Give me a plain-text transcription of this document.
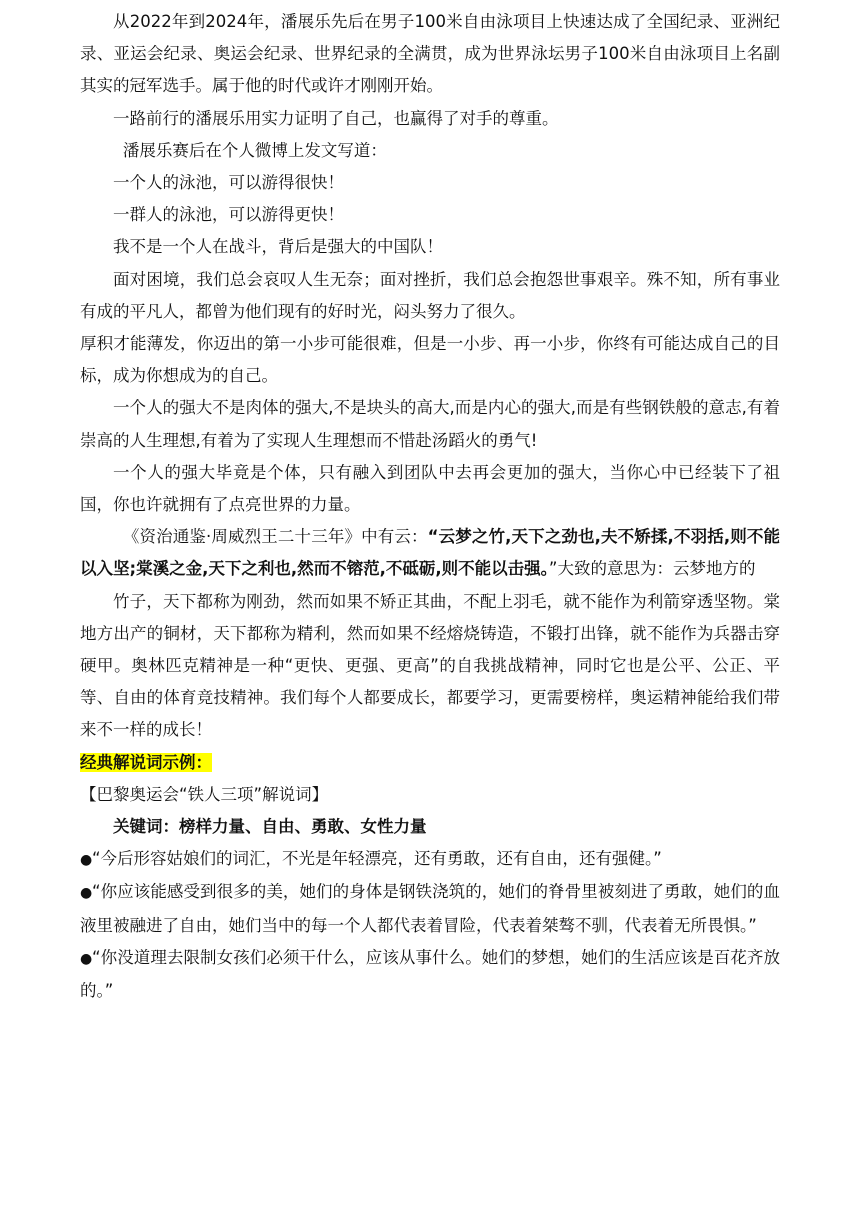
从2022年到2024年，潘展乐先后在男子100米自由泳项目上快速达成了全国纪录、亚洲纪录、亚运会纪录、奥运会纪录、世界纪录的全满贯，成为世界泳坛男子100米自由泳项目上名副其实的冠军选手。属于他的时代或许才刚刚开始。

一路前行的潘展乐用实力证明了自己，也赢得了对手的尊重。

潘展乐赛后在个人微博上发文写道：

一个人的泳池，可以游得很快！

一群人的泳池，可以游得更快！

我不是一个人在战斗，背后是强大的中国队！

面对困境，我们总会哀叹人生无奈；面对挫折，我们总会抱怨世事艰辛。殊不知，所有事业有成的平凡人，都曾为他们现有的好时光，闷头努力了很久。

厚积才能薄发，你迈出的第一小步可能很难，但是一小步、再一小步，你终有可能达成自己的目标，成为你想成为的自己。

一个人的强大不是肉体的强大,不是块头的高大,而是内心的强大,而是有些钢铁般的意志,有着崇高的人生理想,有着为了实现人生理想而不惜赴汤蹈火的勇气!

一个人的强大毕竟是个体，只有融入到团队中去再会更加的强大，当你心中已经装下了祖国，你也许就拥有了点亮世界的力量。

《资治通鉴·周威烈王二十三年》中有云：“云梦之竹,天下之劲也,夫不矫揉,不羽括,则不能以入坚;棠溪之金,天下之利也,然而不镕范,不砥砺,则不能以击强。”大致的意思为：云梦地方的

竹子，天下都称为刚劲，然而如果不矫正其曲，不配上羽毛，就不能作为利箭穿透坚物。棠地方出产的铜材，天下都称为精利，然而如果不经熔烧铸造，不锻打出锋，就不能作为兵器击穿硬甲。奥林匹克精神是一种“更快、更强、更高”的自我挑战精神，同时它也是公平、公正、平等、自由的体育竞技精神。我们每个人都要成长，都要学习，更需要榜样，奥运精神能给我们带来不一样的成长！

经典解说词示例：

【巴黎奥运会“铁人三项”解说词】

关键词：榜样力量、自由、勇敢、女性力量

●“今后形容姑娘们的词汇，不光是年轻漂亮，还有勇敢，还有自由，还有强健。”

●“你应该能感受到很多的美，她们的身体是钢铁浇筑的，她们的脊骨里被刻进了勇敢，她们的血液里被融进了自由，她们当中的每一个人都代表着冒险，代表着桀骜不驯，代表着无所畏惧。”

●“你没道理去限制女孩们必须干什么，应该从事什么。她们的梦想，她们的生活应该是百花齐放的。”
